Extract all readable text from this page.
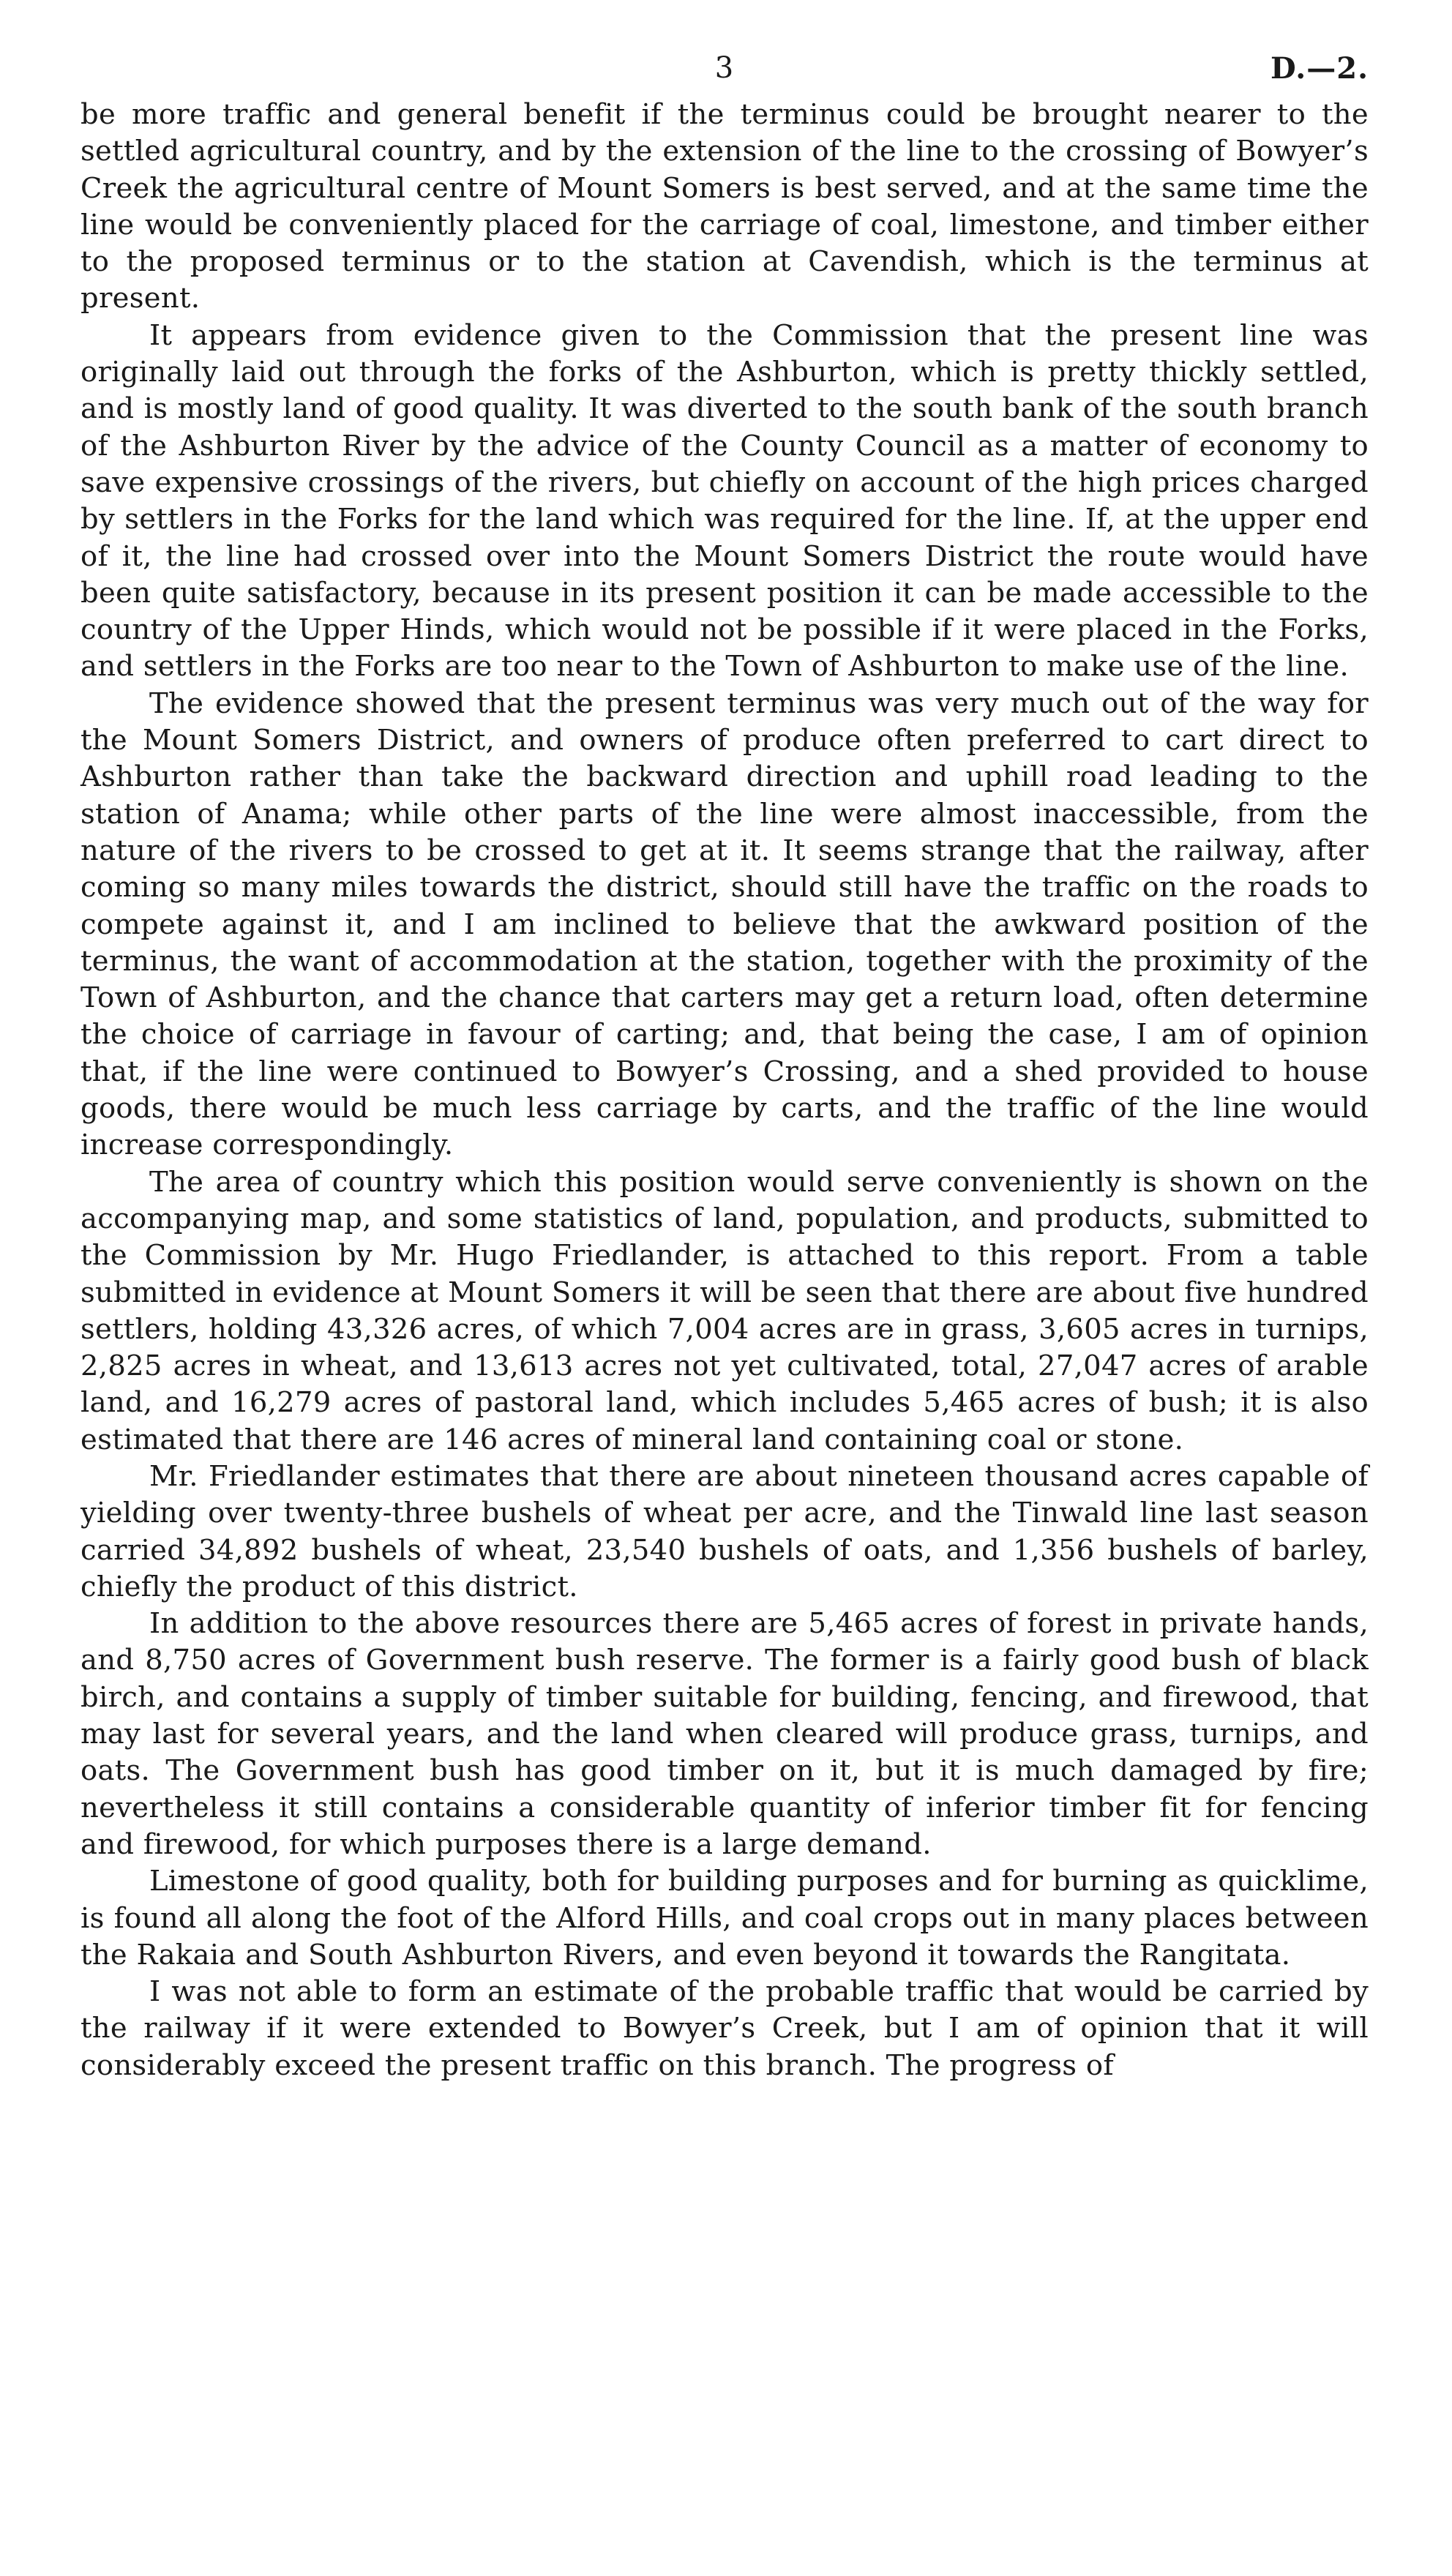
3	D.—2.

be more traffic and general benefit if the terminus could be brought nearer to the settled agricultural country, and by the extension of the line to the crossing of Bowyer’s Creek the agricultural centre of Mount Somers is best served, and at the same time the line would be conveniently placed for the carriage of coal, limestone, and timber either to the proposed terminus or to the station at Cavendish, which is the terminus at present.

It appears from evidence given to the Commission that the present line was originally laid out through the forks of the Ashburton, which is pretty thickly settled, and is mostly land of good quality. It was diverted to the south bank of the south branch of the Ashburton River by the advice of the County Council as a matter of economy to save expensive crossings of the rivers, but chiefly on account of the high prices charged by settlers in the Forks for the land which was required for the line. If, at the upper end of it, the line had crossed over into the Mount Somers District the route would have been quite satisfactory, because in its present position it can be made accessible to the country of the Upper Hinds, which would not be possible if it were placed in the Forks, and settlers in the Forks are too near to the Town of Ashburton to make use of the line.

The evidence showed that the present terminus was very much out of the way for the Mount Somers District, and owners of produce often preferred to cart direct to Ashburton rather than take the backward direction and uphill road leading to the station of Anama; while other parts of the line were almost inaccessible, from the nature of the rivers to be crossed to get at it. It seems strange that the railway, after coming so many miles towards the district, should still have the traffic on the roads to compete against it, and I am inclined to believe that the awkward position of the terminus, the want of accommodation at the station, together with the proximity of the Town of Ashburton, and the chance that carters may get a return load, often determine the choice of carriage in favour of carting; and, that being the case, I am of opinion that, if the line were continued to Bowyer’s Crossing, and a shed provided to house goods, there would be much less carriage by carts, and the traffic of the line would increase correspondingly.

The area of country which this position would serve conveniently is shown on the accompanying map, and some statistics of land, population, and products, submitted to the Commission by Mr. Hugo Friedlander, is attached to this report. From a table submitted in evidence at Mount Somers it will be seen that there are about five hundred settlers, holding 43,326 acres, of which 7,004 acres are in grass, 3,605 acres in turnips, 2,825 acres in wheat, and 13,613 acres not yet cultivated, total, 27,047 acres of arable land, and 16,279 acres of pastoral land, which includes 5,465 acres of bush; it is also estimated that there are 146 acres of mineral land containing coal or stone.

Mr. Friedlander estimates that there are about nineteen thousand acres capable of yielding over twenty-three bushels of wheat per acre, and the Tinwald line last season carried 34,892 bushels of wheat, 23,540 bushels of oats, and 1,356 bushels of barley, chiefly the product of this district.

In addition to the above resources there are 5,465 acres of forest in private hands, and 8,750 acres of Government bush reserve. The former is a fairly good bush of black birch, and contains a supply of timber suitable for building, fencing, and firewood, that may last for several years, and the land when cleared will produce grass, turnips, and oats. The Government bush has good timber on it, but it is much damaged by fire; nevertheless it still contains a considerable quantity of inferior timber fit for fencing and firewood, for which purposes there is a large demand.

Limestone of good quality, both for building purposes and for burning as quicklime, is found all along the foot of the Alford Hills, and coal crops out in many places between the Rakaia and South Ashburton Rivers, and even beyond it towards the Rangitata.

I was not able to form an estimate of the probable traffic that would be carried by the railway if it were extended to Bowyer’s Creek, but I am of opinion that it will considerably exceed the present traffic on this branch. The progress of
